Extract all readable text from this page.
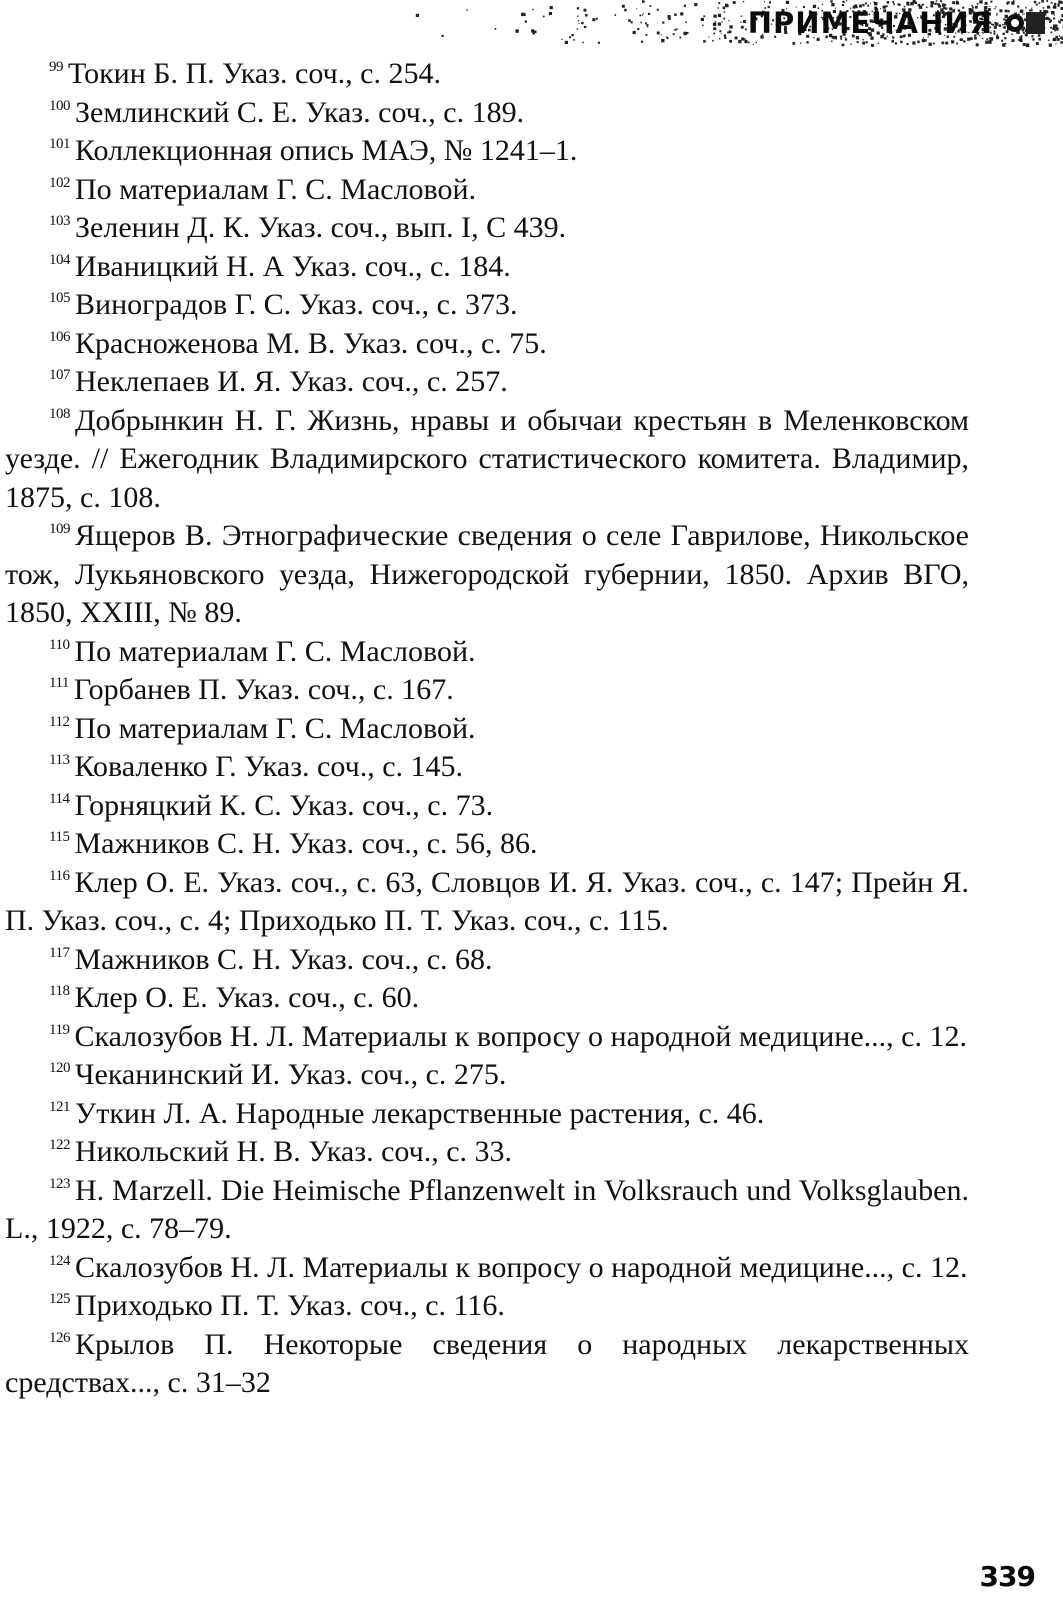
ПРИМЕЧАНИЯ

$^{99}$ Токин Б. П. Указ. соч., с. 254.

$^{100}$ Землинский С. Е. Указ. соч., с. 189.

$^{101}$ Коллекционная опись МАЭ, № 1241–1.

$^{102}$ По материалам Г. С. Масловой.

$^{103}$ Зеленин Д. К. Указ. соч., вып. I, С 439.

$^{104}$ Иваницкий Н. А Указ. соч., с. 184.

$^{105}$ Виноградов Г. С. Указ. соч., с. 373.

$^{106}$ Красноженова М. В. Указ. соч., с. 75.

$^{107}$ Неклепаев И. Я. Указ. соч., с. 257.

$^{108}$ Добрынкин Н. Г. Жизнь, нравы и обычаи крестьян в Меленковском уезде. // Ежегодник Владимирского статистического комитета. Владимир, 1875, с. 108.

$^{109}$ Ящеров В. Этнографические сведения о селе Гаврилове, Никольское тож, Лукьяновского уезда, Нижегородской губернии, 1850. Архив ВГО, 1850, XXIII, № 89.

$^{110}$ По материалам Г. С. Масловой.

$^{111}$ Горбанев П. Указ. соч., с. 167.

$^{112}$ По материалам Г. С. Масловой.

$^{113}$ Коваленко Г. Указ. соч., с. 145.

$^{114}$ Горняцкий К. С. Указ. соч., с. 73.

$^{115}$ Мажников С. Н. Указ. соч., с. 56, 86.

$^{116}$ Клер О. Е. Указ. соч., с. 63, Словцов И. Я. Указ. соч., с. 147; Прейн Я. П. Указ. соч., с. 4; Приходько П. Т. Указ. соч., с. 115.

$^{117}$ Мажников С. Н. Указ. соч., с. 68.

$^{118}$ Клер О. Е. Указ. соч., с. 60.

$^{119}$ Скалозубов Н. Л. Материалы к вопросу о народной медицине..., с. 12.

$^{120}$ Чеканинский И. Указ. соч., с. 275.

$^{121}$ Уткин Л. А. Народные лекарственные растения, с. 46.

$^{122}$ Никольский Н. В. Указ. соч., с. 33.

$^{123}$ H. Marzell. Die Heimische Pflanzenwelt in Volksrauch und Volksglauben. L., 1922, c. 78–79.

$^{124}$ Скалозубов Н. Л. Материалы к вопросу о народной медицине..., с. 12.

$^{125}$ Приходько П. Т. Указ. соч., с. 116.

$^{126}$ Крылов П. Некоторые сведения о народных лекарственных средствах..., с. 31–32

339
